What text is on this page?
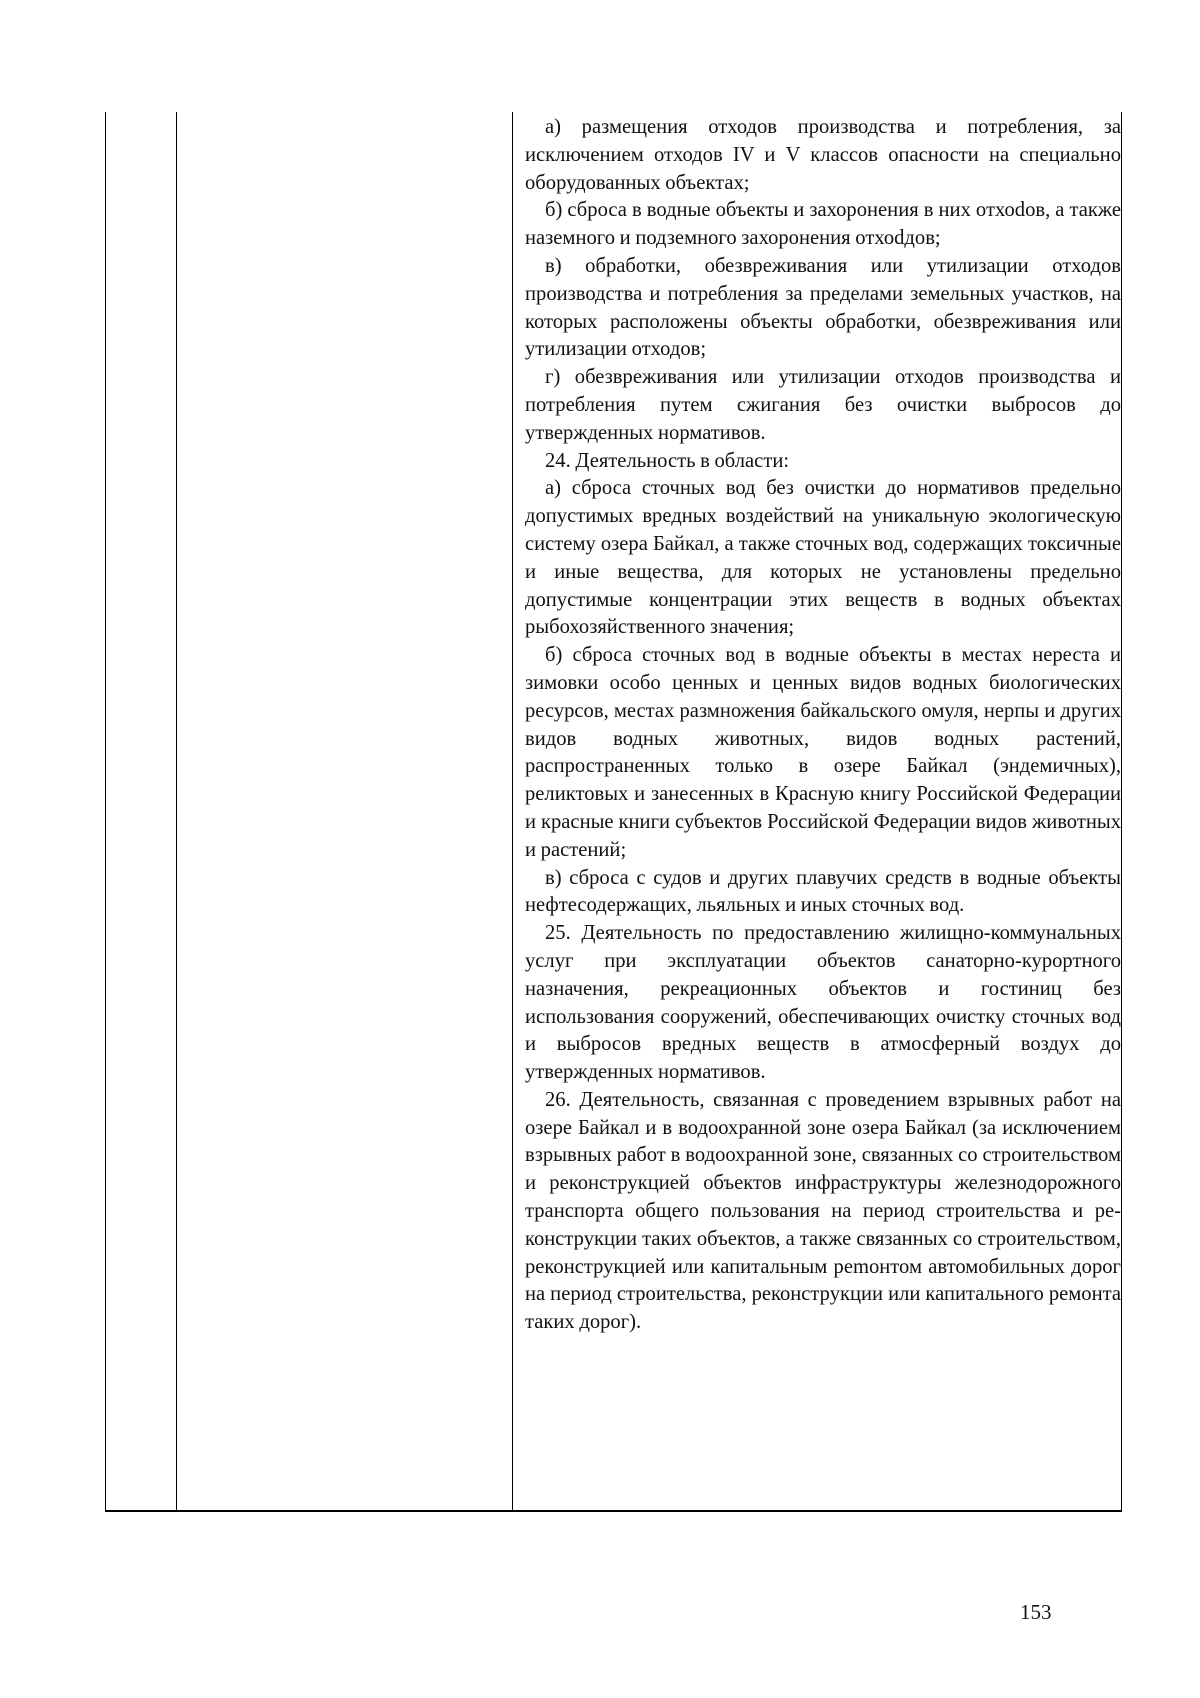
а) размещения отходов производства и потребления, за исключением отходов IV и V классов опасности на специально оборудованных объектах;

б) сброса в водные объекты и захоронения в них отхоdов, а также наземного и подземного захоронения отхоdдов;

в) обработки, обезвреживания или утилизации отходов производства и потребления за пределами земельных участков, на которых расположены объекты обработки, обезвреживания или утилизации отходов;

г) обезвреживания или утилизации отходов производства и потребления путем сжигания без очистки выбросов до утвержденных нормативов.

24. Деятельность в области:

а) сброса сточных вод без очистки до нормативов предельно допустимых вредных воздействий на уникальную экологическую систему озера Байкал, а также сточных вод, содержащих токсичные и иные вещества, для которых не установлены предельно допустимые концентрации этих веществ в водных объектах рыбохозяйственного значения;

б) сброса сточных вод в водные объекты в местах нереста и зимовки особо ценных и ценных видов водных биологических ресурсов, местах размножения байкальского омуля, нерпы и других видов водных животных, видов водных растений, распространенных только в озере Байкал (эндемичных), реликтовых и занесенных в Красную книгу Российской Федерации и красные книги субъектов Российской Федерации видов животных и растений;

в) сброса с судов и других плавучих средств в водные объекты нефтесодержащих, льяльных и иных сточных вод.

25. Деятельность по предоставлению жилищно-коммунальных услуг при эксплуатации объектов санаторно-курортного назначения, рекреационных объектов и гостиниц без использования сооружений, обеспечивающих очистку сточных вод и выбросов вредных веществ в атмосферный воздух до утвержденных нормативов.

26. Деятельность, связанная с проведением взрывных работ на озере Байкал и в водоохранной зоне озера Байкал (за исключением взрывных работ в водоохранной зоне, связанных со строительством и реконструкцией объектов инфраструктуры железнодорожного транспорта общего пользования на период строительства и реконструкции таких объектов, а также связанных со строительством, реконструкцией или капитальным реmонтом автомобильных дорог на период строительства, реконструкции или капитального ремонта таких дорог).

153
